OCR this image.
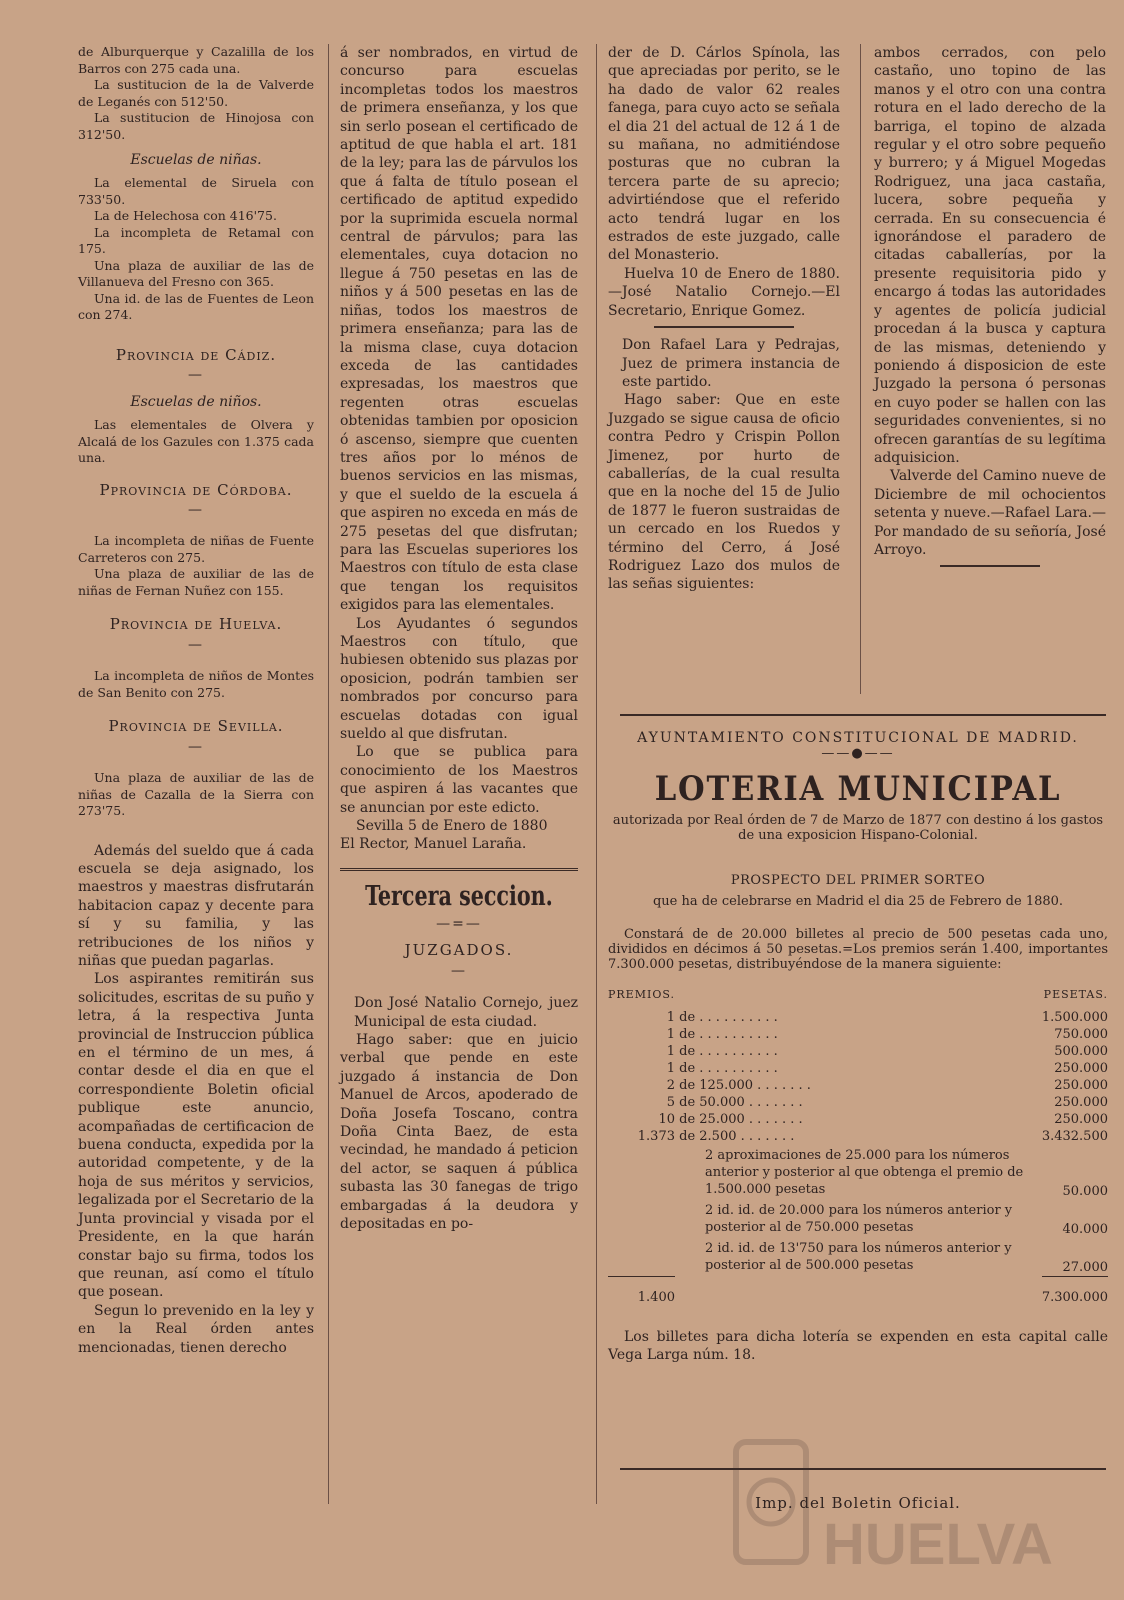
de Alburquerque y Cazalilla de los Barros con 275 cada una.

La sustitucion de la de Valverde de Leganés con 512'50.

La sustitucion de Hinojosa con 312'50.

Escuelas de niñas.

La elemental de Siruela con 733'50.

La de Helechosa con 416'75.

La incompleta de Retamal con 175.

Una plaza de auxiliar de las de Villanueva del Fresno con 365.

Una id. de las de Fuentes de Leon con 274.

Provincia de Cádiz.
—
Escuelas de niños.

Las elementales de Olvera y Alcalá de los Gazules con 1.375 cada una.

Pprovincia de Córdoba.
—

La incompleta de niñas de Fuente Carreteros con 275.

Una plaza de auxiliar de las de niñas de Fernan Nuñez con 155.

Provincia de Huelva.
—

La incompleta de niños de Montes de San Benito con 275.

Provincia de Sevilla.
—

Una plaza de auxiliar de las de niñas de Cazalla de la Sierra con 273'75.

Además del sueldo que á cada escuela se deja asignado, los maestros y maestras disfrutarán habitacion capaz y decente para sí y su familia, y las retribuciones de los niños y niñas que puedan pagarlas.

Los aspirantes remitirán sus solicitudes, escritas de su puño y letra, á la respectiva Junta provincial de Instruccion pública en el término de un mes, á contar desde el dia en que el correspondiente Boletin oficial publique este anuncio, acompañadas de certificacion de buena conducta, expedida por la autoridad competente, y de la hoja de sus méritos y servicios, legalizada por el Secretario de la Junta provincial y visada por el Presidente, en la que harán constar bajo su firma, todos los que reunan, así como el título que posean.

Segun lo prevenido en la ley y en la Real órden antes mencionadas, tienen derecho

á ser nombrados, en virtud de concurso para escuelas incompletas todos los maestros de primera enseñanza, y los que sin serlo posean el certificado de aptitud de que habla el art. 181 de la ley; para las de párvulos los que á falta de título posean el certificado de aptitud expedido por la suprimida escuela normal central de párvulos; para las elementales, cuya dotacion no llegue á 750 pesetas en las de niños y á 500 pesetas en las de niñas, todos los maestros de primera enseñanza; para las de la misma clase, cuya dotacion exceda de las cantidades expresadas, los maestros que regenten otras escuelas obtenidas tambien por oposicion ó ascenso, siempre que cuenten tres años por lo ménos de buenos servicios en las mismas, y que el sueldo de la escuela á que aspiren no exceda en más de 275 pesetas del que disfrutan; para las Escuelas superiores los Maestros con título de esta clase que tengan los requisitos exigidos para las elementales.

Los Ayudantes ó segundos Maestros con título, que hubiesen obtenido sus plazas por oposicion, podrán tambien ser nombrados por concurso para escuelas dotadas con igual sueldo al que disfrutan.

Lo que se publica para conocimiento de los Maestros que aspiren á las vacantes que se anuncian por este edicto.

Sevilla 5 de Enero de 1880

El Rector, Manuel Laraña.

Tercera seccion.
—=—
JUZGADOS.
—

Don José Natalio Cornejo, juez Municipal de esta ciudad.

Hago saber: que en juicio verbal que pende en este juzgado á instancia de Don Manuel de Arcos, apoderado de Doña Josefa Toscano, contra Doña Cinta Baez, de esta vecindad, he mandado á peticion del actor, se saquen á pública subasta las 30 fanegas de trigo embargadas á la deudora y depositadas en po-

der de D. Cárlos Spínola, las que apreciadas por perito, se le ha dado de valor 62 reales fanega, para cuyo acto se señala el dia 21 del actual de 12 á 1 de su mañana, no admitiéndose posturas que no cubran la tercera parte de su aprecio; advirtiéndose que el referido acto tendrá lugar en los estrados de este juzgado, calle del Monasterio.

Huelva 10 de Enero de 1880.—José Natalio Cornejo.—El Secretario, Enrique Gomez.

Don Rafael Lara y Pedrajas, Juez de primera instancia de este partido.

Hago saber: Que en este Juzgado se sigue causa de oficio contra Pedro y Crispin Pollon Jimenez, por hurto de caballerías, de la cual resulta que en la noche del 15 de Julio de 1877 le fueron sustraidas de un cercado en los Ruedos y término del Cerro, á José Rodriguez Lazo dos mulos de las señas siguientes:

ambos cerrados, con pelo castaño, uno topino de las manos y el otro con una contra rotura en el lado derecho de la barriga, el topino de alzada regular y el otro sobre pequeño y burrero; y á Miguel Mogedas Rodriguez, una jaca castaña, lucera, sobre pequeña y cerrada. En su consecuencia é ignorándose el paradero de citadas caballerías, por la presente requisitoria pido y encargo á todas las autoridades y agentes de policía judicial procedan á la busca y captura de las mismas, deteniendo y poniendo á disposicion de este Juzgado la persona ó personas en cuyo poder se hallen con las seguridades convenientes, si no ofrecen garantías de su legítima adquisicion.

Valverde del Camino nueve de Diciembre de mil ochocientos setenta y nueve.—Rafael Lara.—Por mandado de su señoría, José Arroyo.

AYUNTAMIENTO CONSTITUCIONAL DE MADRID.
——●——
LOTERIA MUNICIPAL

autorizada por Real órden de 7 de Marzo de 1877 con destino á los gastos de una exposicion Hispano-Colonial.

PROSPECTO DEL PRIMER SORTEO
que ha de celebrarse en Madrid el dia 25 de Febrero de 1880.

Constará de de 20.000 billetes al precio de 500 pesetas cada uno, divididos en décimos á 50 pesetas.=Los premios serán 1.400, importantes 7.300.000 pesetas, distribuyéndose de la manera siguiente:

PREMIOS.		PESETAS.
1	de . . . . . . . . . .	1.500.000
1	de . . . . . . . . . .	750.000
1	de . . . . . . . . . .	500.000
1	de . . . . . . . . . .	250.000
2	de 125.000 . . . . . . .	250.000
5	de 50.000 . . . . . . .	250.000
10	de 25.000 . . . . . . .	250.000
1.373	de 2.500 . . . . . . .	3.432.500
	2 aproximaciones de 25.000 para los números anterior y posterior al que obtenga el premio de 1.500.000 pesetas	50.000
	2 id. id. de 20.000 para los números anterior y posterior al de 750.000 pesetas	40.000
	2 id. id. de 13'750 para los números anterior y posterior al de 500.000 pesetas	27.000
1.400		7.300.000

Los billetes para dicha lotería se expenden en esta capital calle Vega Larga núm. 18.

Imp. del Boletin Oficial.
HUELVA
